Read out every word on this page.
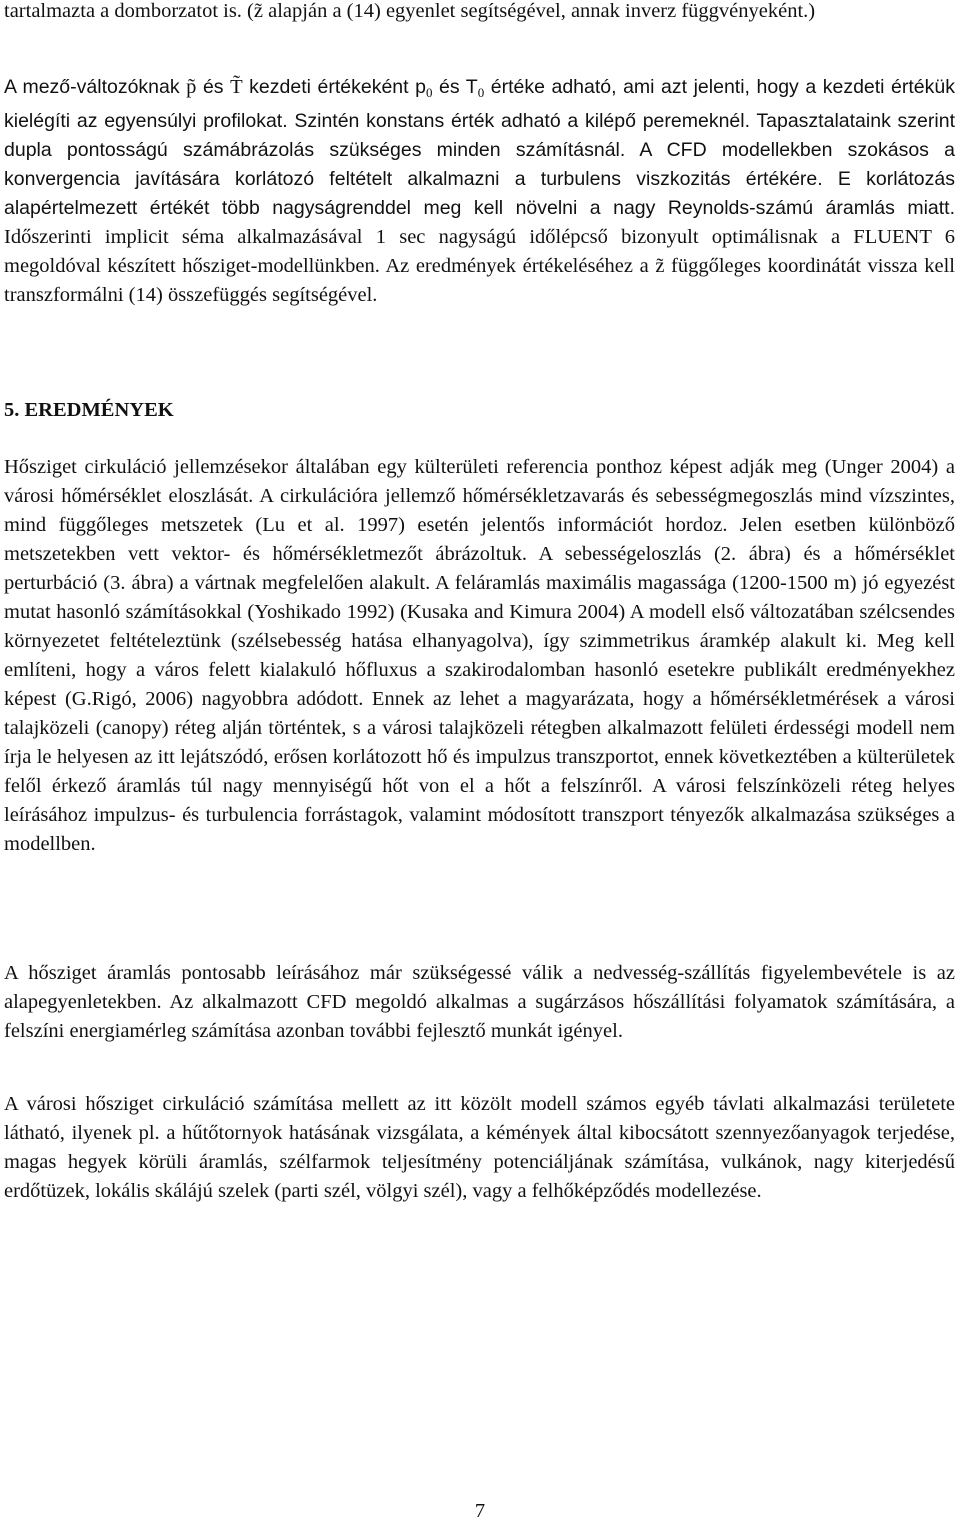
tartalmazta a domborzatot is. (z̃ alapján a (14) egyenlet segítségével, annak inverz függvényeként.)

A mező-változóknak p̃ és T̃ kezdeti értékeként $p_0$ és $T_0$ értéke adható, ami azt jelenti, hogy a kezdeti értékük kielégíti az egyensúlyi profilokat. Szintén konstans érték adható a kilépő peremeknél. Tapasztalataink szerint dupla pontosságú számábrázolás szükséges minden számításnál. A CFD modellekben szokásos a konvergencia javítására korlátozó feltételt alkalmazni a turbulens viszkozitás értékére. E korlátozás alapértelmezett értékét több nagyságrenddel meg kell növelni a nagy Reynolds-számú áramlás miatt. Időszerinti implicit séma alkalmazásával 1 sec nagyságú időlépcső bizonyult optimálisnak a FLUENT 6 megoldóval készített hősziget-modellünkben. Az eredmények értékeléséhez a z̃ függőleges koordinátát vissza kell transzformálni (14) összefüggés segítségével.

5. EREDMÉNYEK

Hősziget cirkuláció jellemzésekor általában egy külterületi referencia ponthoz képest adják meg (Unger 2004) a városi hőmérséklet eloszlását. A cirkulációra jellemző hőmérsékletzavarás és sebességmegoszlás mind vízszintes, mind függőleges metszetek (Lu et al. 1997) esetén jelentős információt hordoz. Jelen esetben különböző metszetekben vett vektor- és hőmérsékletmezőt ábrázoltuk. A sebességeloszlás (2. ábra) és a hőmérséklet perturbáció (3. ábra) a vártnak megfelelően alakult. A feláramlás maximális magassága (1200-1500 m) jó egyezést mutat hasonló számításokkal (Yoshikado 1992) (Kusaka and Kimura 2004) A modell első változatában szélcsendes környezetet feltételeztünk (szélsebesség hatása elhanyagolva), így szimmetrikus áramkép alakult ki. Meg kell említeni, hogy a város felett kialakuló hőfluxus a szakirodalomban hasonló esetekre publikált eredményekhez képest (G.Rigó, 2006) nagyobbra adódott. Ennek az lehet a magyarázata, hogy a hőmérsékletmérések a városi talajközeli (canopy) réteg alján történtek, s a városi talajközeli rétegben alkalmazott felületi érdességi modell nem írja le helyesen az itt lejátszódó, erősen korlátozott hő és impulzus transzportot, ennek következtében a külterületek felől érkező áramlás túl nagy mennyiségű hőt von el a hőt a felszínről. A városi felszínközeli réteg helyes leírásához impulzus- és turbulencia forrástagok, valamint módosított transzport tényezők alkalmazása szükséges a modellben.

A hősziget áramlás pontosabb leírásához már szükségessé válik a nedvesség-szállítás figyelembevétele is az alapegyenletekben. Az alkalmazott CFD megoldó alkalmas a sugárzásos hőszállítási folyamatok számítására, a felszíni energiamérleg számítása azonban további fejlesztő munkát igényel.

A városi hősziget cirkuláció számítása mellett az itt közölt modell számos egyéb távlati alkalmazási területete látható, ilyenek pl. a hűtőtornyok hatásának vizsgálata, a kémények által kibocsátott szennyezőanyagok terjedése, magas hegyek körüli áramlás, szélfarmok teljesítmény potenciáljának számítása, vulkánok, nagy kiterjedésű erdőtüzek, lokális skálájú szelek (parti szél, völgyi szél), vagy a felhőképződés modellezése.

7
